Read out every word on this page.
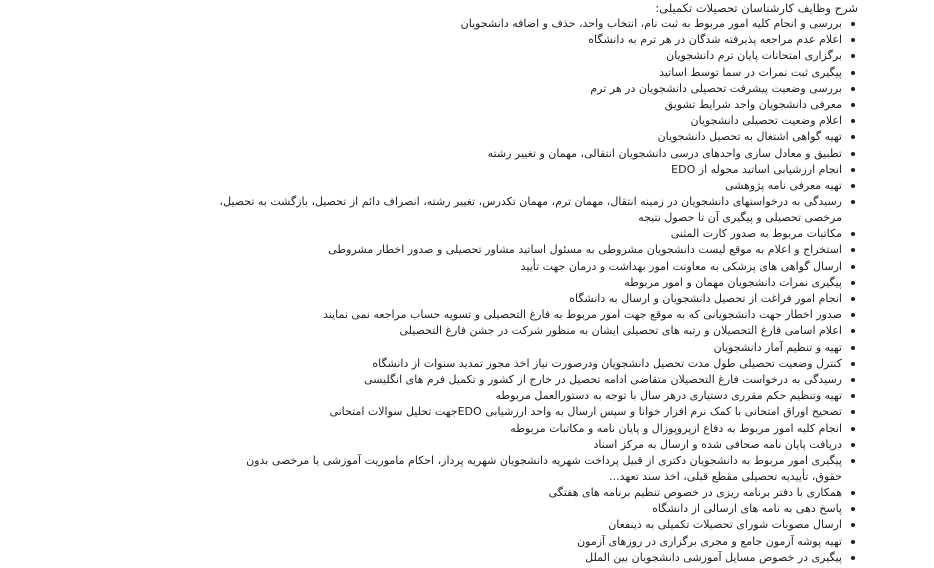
شرح وظایف کارشناسان تحصیلات تکمیلی:

بررسی و انجام کلیه امور مربوط به ثبت نام، انتخاب واحد، حذف و اضافه دانشجویان
اعلام عدم مراجعه پذیرفته شدگان در هر ترم به دانشگاه
برگزاری امتحانات پایان ترم دانشجویان
پیگیری ثبت نمرات در سما توسط اساتید
بررسی وضعیت پیشرفت تحصیلی دانشجویان در هر ترم
معرفی دانشجویان واجد شرایط تشویق
اعلام وضعیت تحصیلی دانشجویان
تهیه گواهی اشتغال به تحصیل دانشجویان
تطبیق و معادل سازی واحدهای درسی دانشجویان انتقالی، مهمان و تغییر رشته
انجام ارزشیابی اساتید محوله از EDO
تهیه معرفی نامه پژوهشی
رسیدگی به درخواستهای دانشجویان در زمینه انتقال، مهمان ترم، مهمان تکدرس، تغییر رشته، انصراف دائم از تحصیل، بازگشت به تحصیل، مرخصی تحصیلی و پیگیری آن تا حصول نتیجه
مکاتبات مربوط به صدور کارت المثنی
استخراج و اعلام به موقع لیست دانشجویان مشروطی به مسئول اساتید مشاور تحصیلی و صدور اخطار مشروطی
ارسال گواهی های پزشکی به معاونت امور بهداشت و درمان جهت تأیید
پیگیری نمرات دانشجویان مهمان و امور مربوطه
انجام امور فراغت از تحصیل دانشجویان و ارسال به دانشگاه
صدور اخطار جهت دانشجویانی که به موقع جهت امور مربوط به فارغ التحصیلی و تسویه حساب مراجعه نمی نمایند
اعلام اسامی فارغ التحصیلان و رتبه های تحصیلی ایشان به منظور شرکت در جشن فارغ التحصیلی
تهیه و تنظیم آمار دانشجویان
کنترل وضعیت تحصیلی طول مدت تحصیل دانشجویان ودرصورت نیاز اخذ مجوز تمدید سنوات از دانشگاه
رسیدگی به درخواست فارغ التحصیلان متقاضی ادامه تحصیل در خارج از کشور و تکمیل فرم های انگلیسی
تهیه وتنظیم حکم مقرری دستیاری درهر سال با توجه به دستورالعمل مربوطه
تصحیح اوراق امتحانی با کمک نرم افزار خوانا و سپس ارسال به واحد ارزشیابی EDOجهت تحلیل سوالات امتحانی
انجام کلیه امور مربوط به دفاع ازپروپوزال و پایان نامه و مکاتبات مربوطه
دریافت پایان نامه صحافی شده و ارسال به مرکز اسناد
پیگیری امور مربوط به دانشجویان دکتری از قبیل پرداخت شهریه دانشجویان شهریه پرداز، احکام ماموریت آموزشی یا مرخصی بدون حقوق، تأییدیه تحصیلی مقطع قبلی، اخذ سند تعهد...
همکاری با دفتر برنامه ریزی در خصوص تنظیم برنامه های هفتگی
پاسخ دهی به نامه های ارسالی از دانشگاه
ارسال مصوبات شورای تحصیلات تکمیلی به ذینفعان
تهیه پوشه آزمون جامع و مجری برگزاری در روزهای آزمون
پیگیری در خصوص مسایل آموزشی دانشجویان بین الملل
